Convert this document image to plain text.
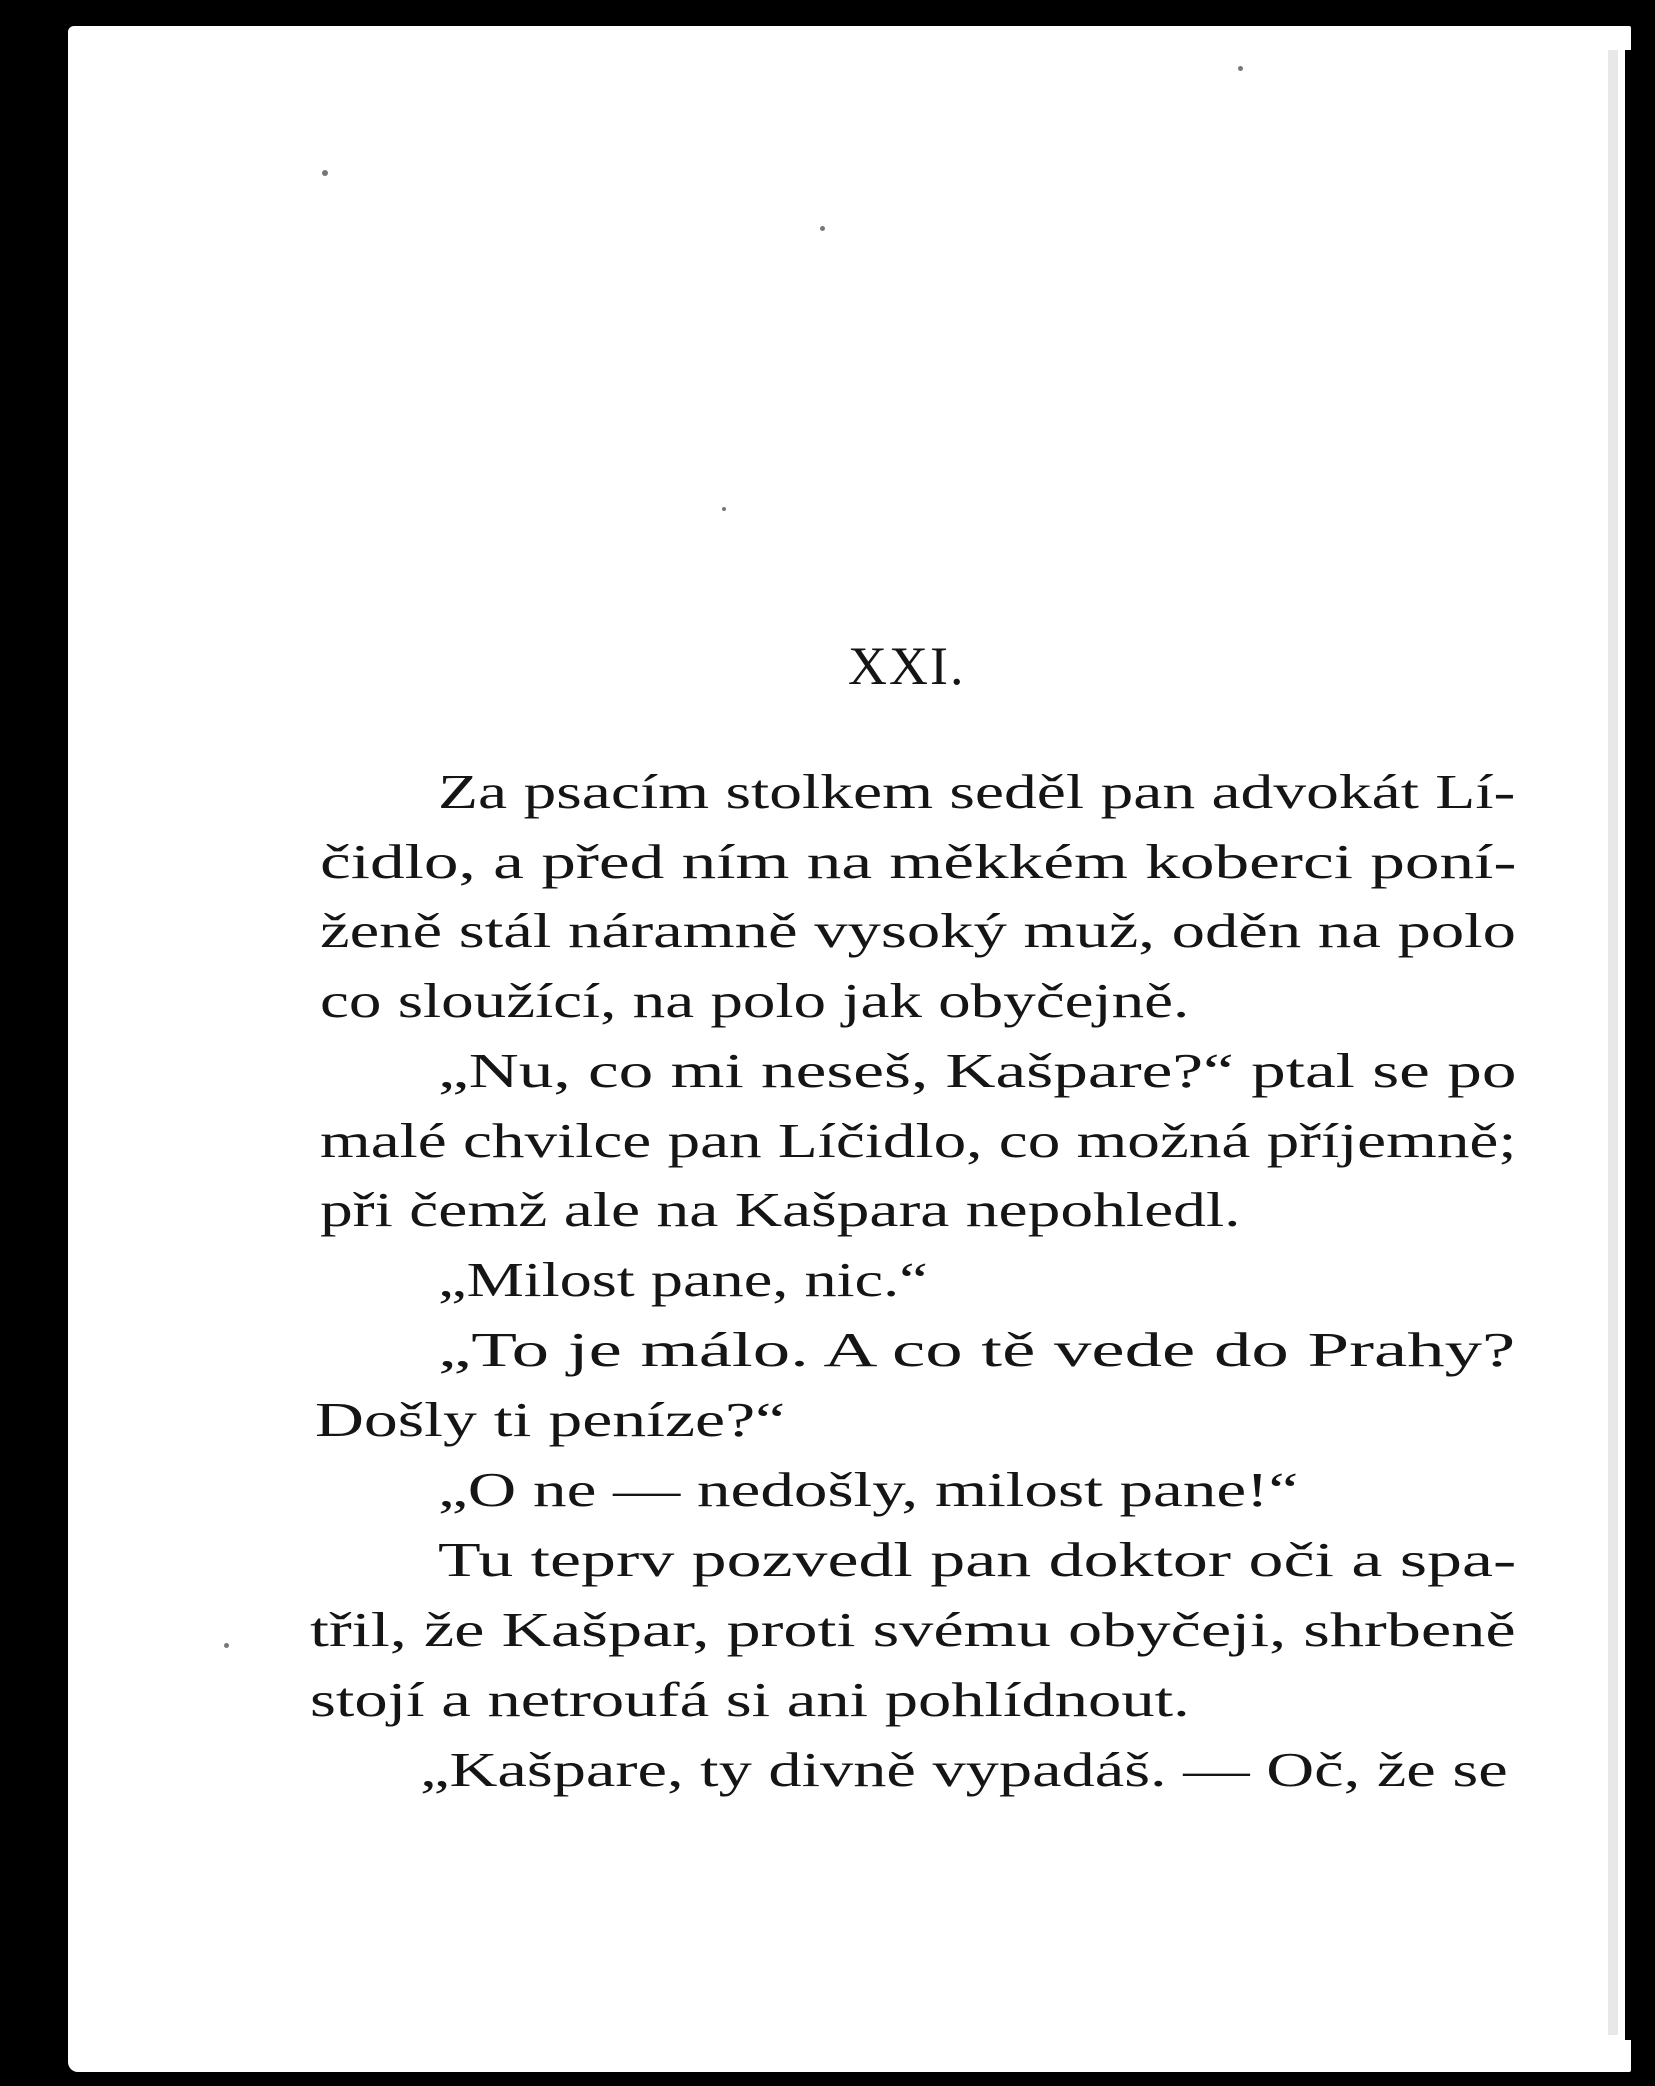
XXI.
Za psacím stolkem seděl pan advokát Lí-
čidlo, a před ním na měkkém koberci poní-
ženě stál náramně vysoký muž, oděn na polo
co sloužící, na polo jak obyčejně.
„Nu, co mi neseš, Kašpare?“ ptal se po
malé chvilce pan Líčidlo, co možná příjemně;
při čemž ale na Kašpara nepohledl.
„Milost pane, nic.“
„To je málo. A co tě vede do Prahy?
Došly ti peníze?“
„O ne — nedošly, milost pane!“
Tu teprv pozvedl pan doktor oči a spa-
třil, že Kašpar, proti svému obyčeji, shrbeně
stojí a netroufá si ani pohlídnout.
„Kašpare, ty divně vypadáš. — Oč, že se
